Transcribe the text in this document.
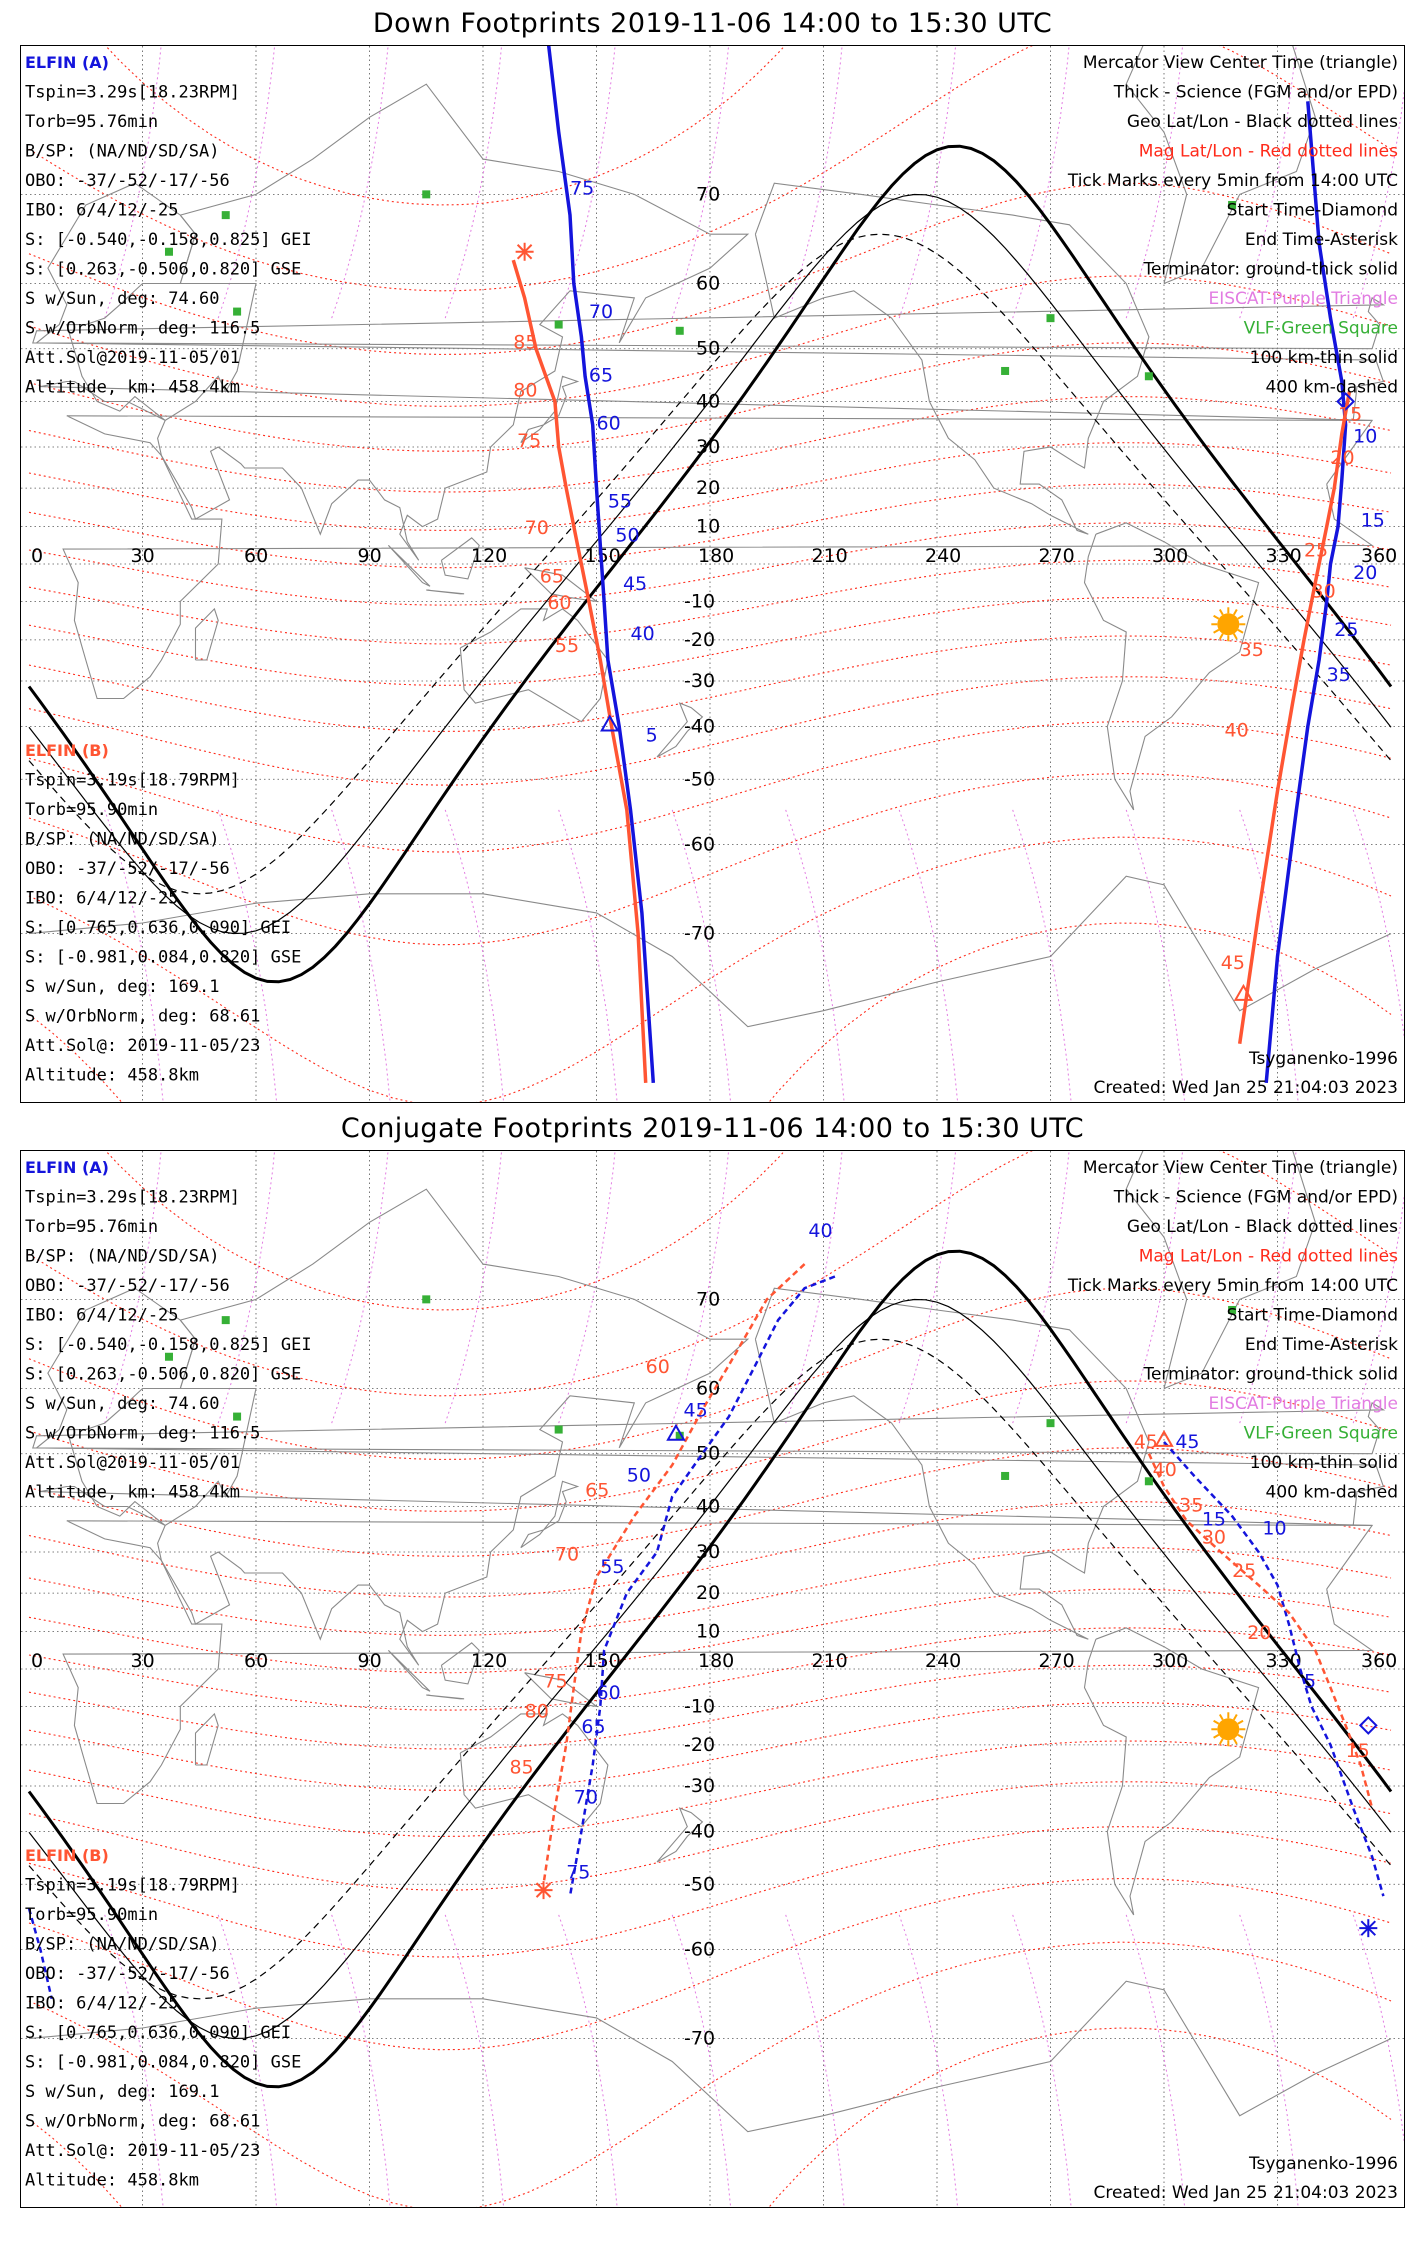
Down Footprints 2019-11-06 14:00 to 15:30 UTC
0	30	60	90	120	150	180	210	240	270	300	330	360
70
60
50
40
30
20
10
-10
-20
-30
-40
-50
-60
-70
75
70
65
60
55
50
45
40
5
10
15
20
25
35
85
80
75
70
65
60
55
15
20
25
30
35
40
45
ELFIN (A)
Tspin=3.29s[18.23RPM]
Torb=95.76min
B/SP: (NA/ND/SD/SA)
OBO: -37/-52/-17/-56
IBO: 6/4/12/-25
S: [-0.540,-0.158,0.825] GEI
S: [0.263,-0.506,0.820] GSE
S w/Sun, deg: 74.60
S w/OrbNorm, deg: 116.5
Att.Sol@2019-11-05/01
Altitude, km: 458.4km
ELFIN (B)
Tspin=3.19s[18.79RPM]
Torb=95.90min
B/SP: (NA/ND/SD/SA)
OBO: -37/-52/-17/-56
IBO: 6/4/12/-25
S: [0.765,0.636,0.090] GEI
S: [-0.981,0.084,0.820] GSE
S w/Sun, deg: 169.1
S w/OrbNorm, deg: 68.61
Att.Sol@: 2019-11-05/23
Altitude: 458.8km
Mercator View Center Time (triangle)
Thick - Science (FGM and/or EPD)
Geo Lat/Lon - Black dotted lines
Mag Lat/Lon - Red dotted lines
Tick Marks every 5min from 14:00 UTC
Start Time-Diamond
End Time-Asterisk
Terminator: ground-thick solid
EISCAT-Purple Triangle
VLF-Green Square
100 km-thin solid
400 km-dashed
Tsyganenko-1996
Created: Wed Jan 25 21:04:03 2023
Conjugate Footprints 2019-11-06 14:00 to 15:30 UTC
0	30	60	90	120	150	180	210	240	270	300	330	360
70
60
50
40
30
20
10
-10
-20
-30
-40
-50
-60
-70
40
45
50
55
60
65
70
75
45
15 10
5
60
65
70
75
80
85
45
40
35
30
25
20
15
ELFIN (A)
Tspin=3.29s[18.23RPM]
Torb=95.76min
B/SP: (NA/ND/SD/SA)
OBO: -37/-52/-17/-56
IBO: 6/4/12/-25
S: [-0.540,-0.158,0.825] GEI
S: [0.263,-0.506,0.820] GSE
S w/Sun, deg: 74.60
S w/OrbNorm, deg: 116.5
Att.Sol@2019-11-05/01
Altitude, km: 458.4km
ELFIN (B)
Tspin=3.19s[18.79RPM]
Torb=95.90min
B/SP: (NA/ND/SD/SA)
OBO: -37/-52/-17/-56
IBO: 6/4/12/-25
S: [0.765,0.636,0.090] GEI
S: [-0.981,0.084,0.820] GSE
S w/Sun, deg: 169.1
S w/OrbNorm, deg: 68.61
Att.Sol@: 2019-11-05/23
Altitude: 458.8km
Mercator View Center Time (triangle)
Thick - Science (FGM and/or EPD)
Geo Lat/Lon - Black dotted lines
Mag Lat/Lon - Red dotted lines
Tick Marks every 5min from 14:00 UTC
Start Time-Diamond
End Time-Asterisk
Terminator: ground-thick solid
EISCAT-Purple Triangle
VLF-Green Square
100 km-thin solid
400 km-dashed
Tsyganenko-1996
Created: Wed Jan 25 21:04:03 2023
